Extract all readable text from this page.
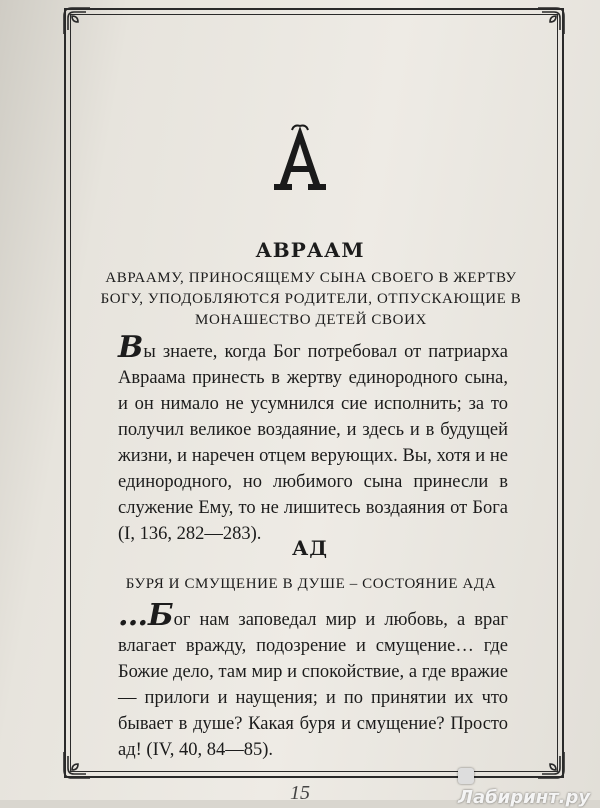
АВРААМ

АВРААМУ, ПРИНОСЯЩЕМУ СЫНА СВОЕГО В ЖЕРТВУ БОГУ, УПОДОБЛЯЮТСЯ РОДИТЕЛИ, ОТПУСКАЮЩИЕ В МОНАШЕСТВО ДЕТЕЙ СВОИХ

Вы знаете, когда Бог потребовал от патриарха Авраама принесть в жертву единородного сына, и он нимало не усумнился сие исполнить; за то получил великое воздаяние, и здесь и в будущей жизни, и наречен отцем верующих. Вы, хотя и не единородного, но любимого сына принесли в служение Ему, то не лишитесь воздаяния от Бога (I, 136, 282—283).

АД

БУРЯ И СМУЩЕНИЕ В ДУШЕ – СОСТОЯНИЕ АДА

…Бог нам заповедал мир и любовь, а враг влагает вражду, подозрение и смущение… где Божие дело, там мир и спокойствие, а где вражие — прилоги и наущения; и по принятии их что бывает в душе? Какая буря и смущение? Просто ад! (IV, 40, 84—85).

15	Лабиринт.ру
